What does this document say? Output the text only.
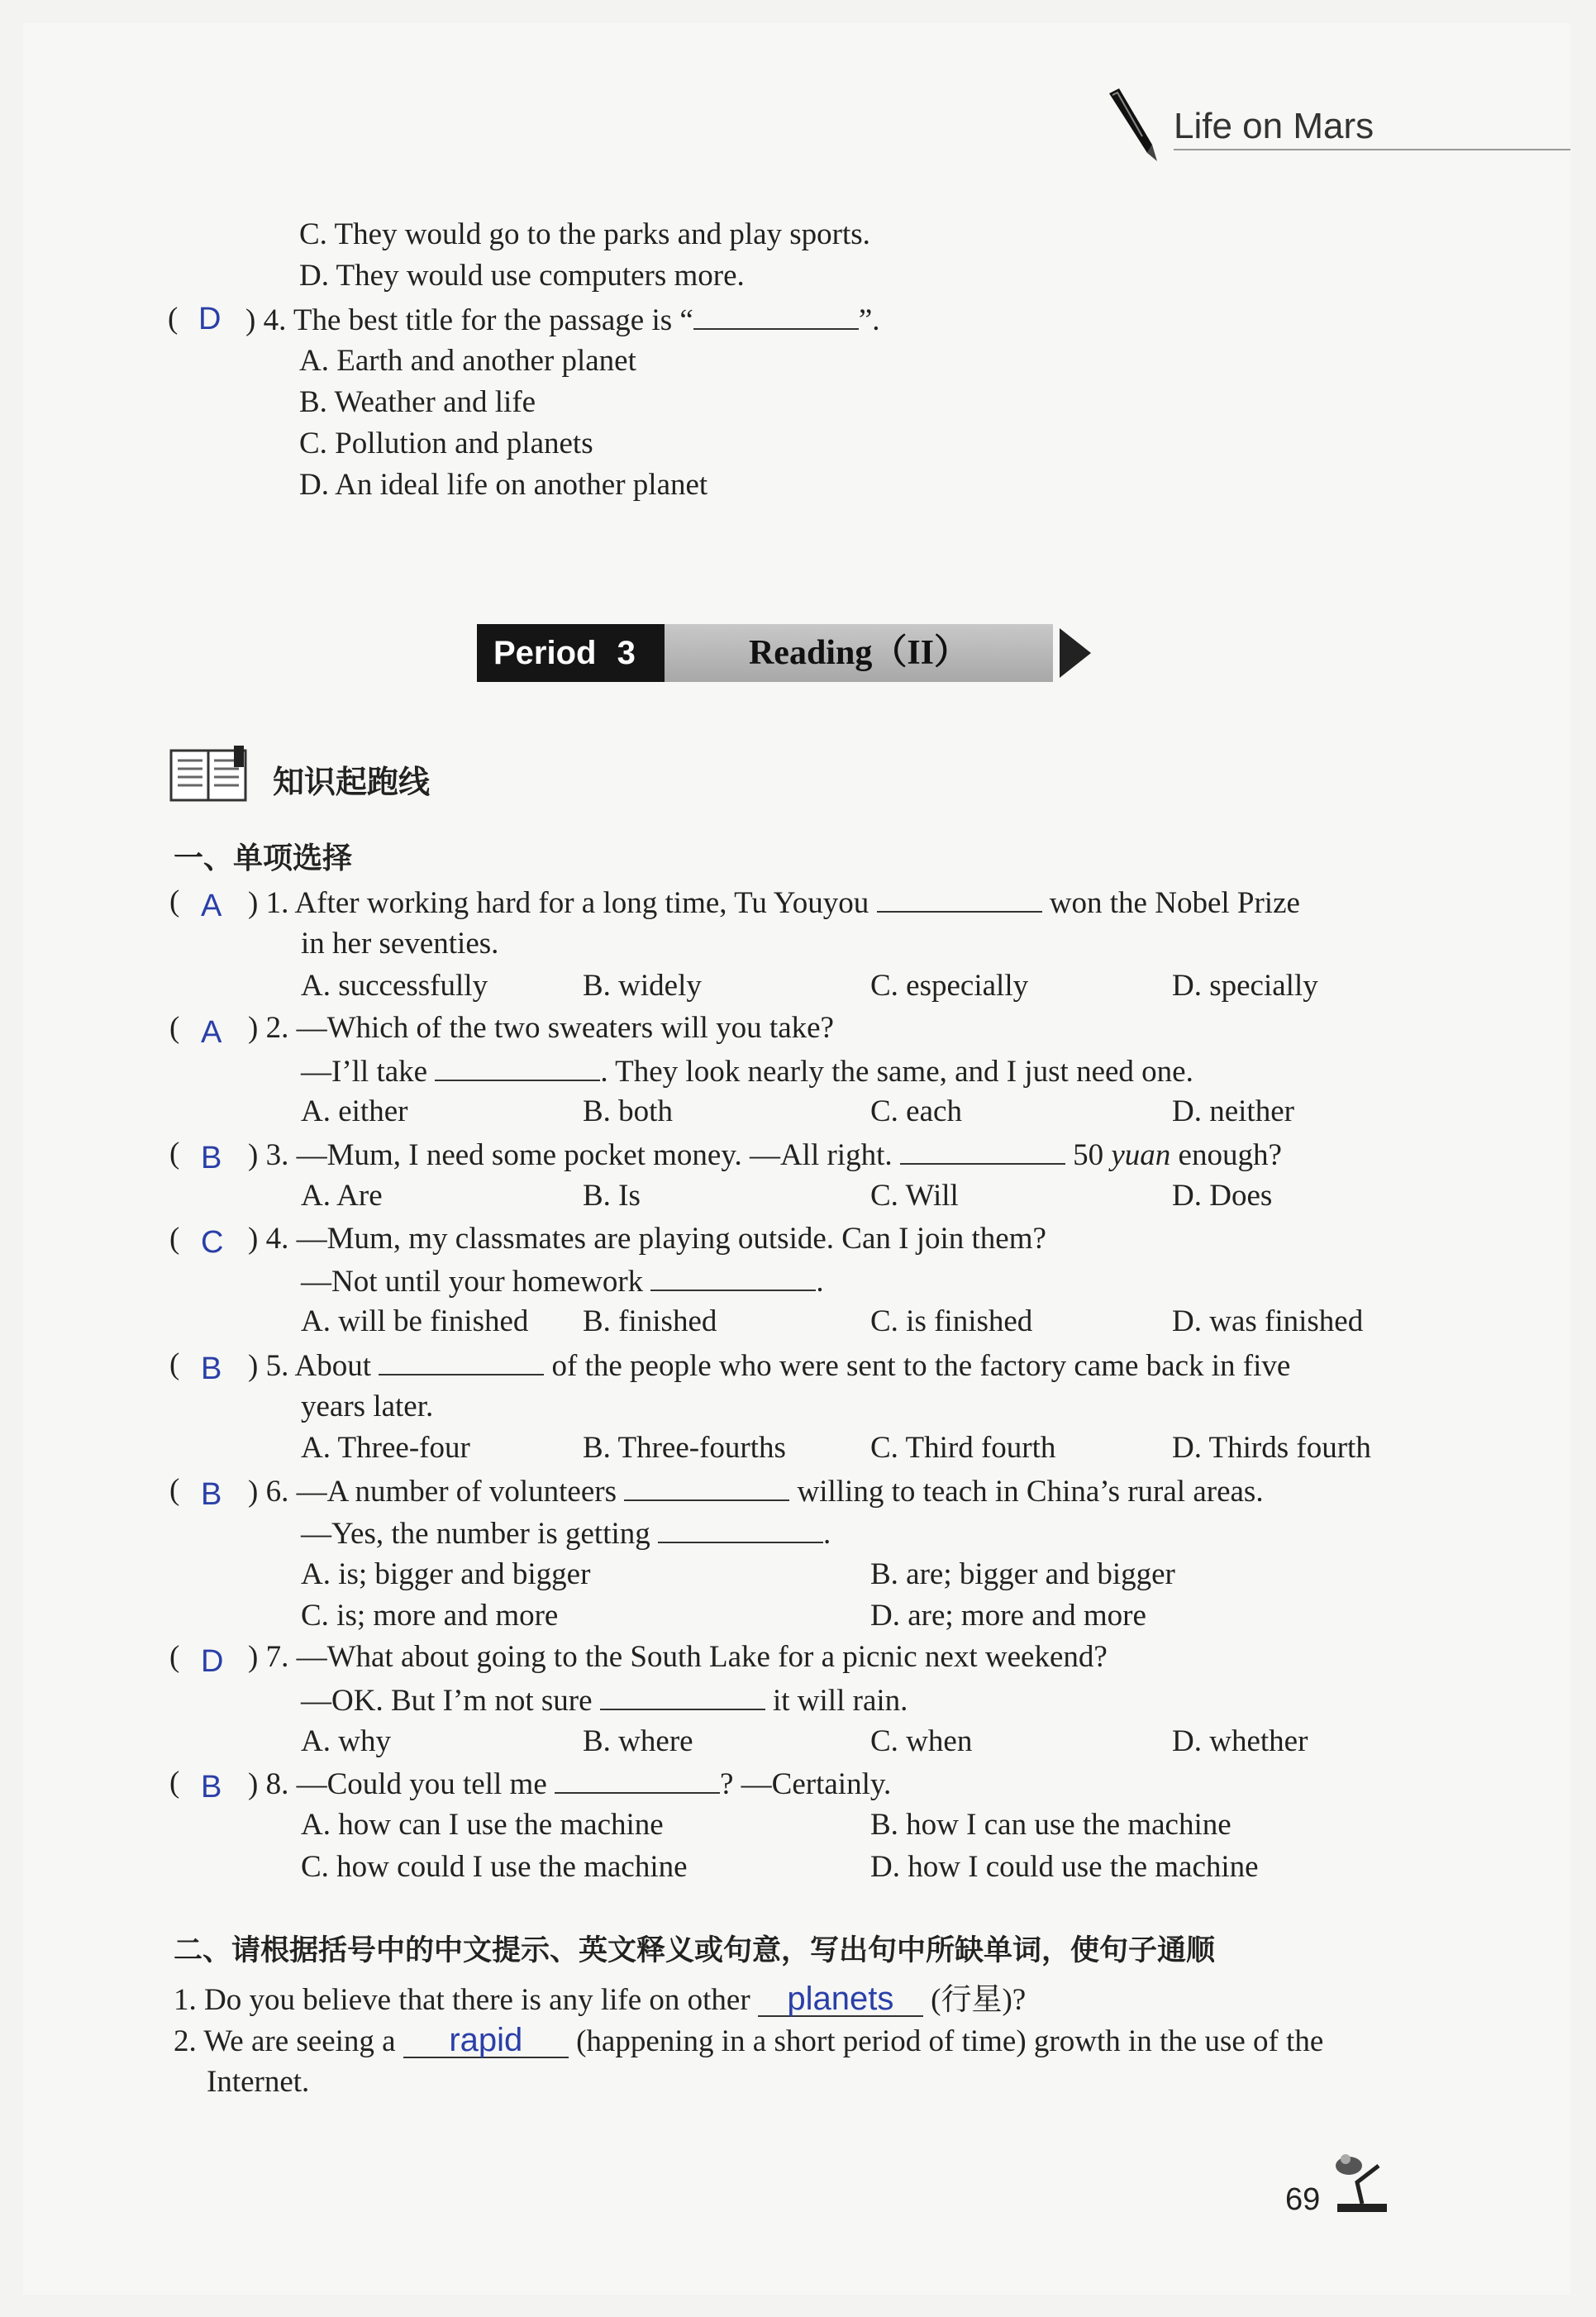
Life on Mars
C. They would go to the parks and play sports.
D. They would use computers more.
( D ) 4. The best title for the passage is “	”.
A. Earth and another planet
B. Weather and life
C. Pollution and planets
D. An ideal life on another planet
Period 3	Reading（II）
知识起跑线
一、单项选择
( A ) 1. After working hard for a long time, Tu Youyou	won the Nobel Prize
in her seventies.
A. successfully	B. widely	C. especially	D. specially
( A ) 2. —Which of the two sweaters will you take?
—I’ll take	. They look nearly the same, and I just need one.
A. either	B. both	C. each	D. neither
( B ) 3. —Mum, I need some pocket money. —All right.	50 yuan enough?
A. Are	B. Is	C. Will	D. Does
( C ) 4. —Mum, my classmates are playing outside. Can I join them?
—Not until your homework	.
A. will be finished B. finished	C. is finished	D. was finished
( B ) 5. About	of the people who were sent to the factory came back in five
years later.
A. Three-four	B. Three-fourths	C. Third fourth	D. Thirds fourth
( B ) 6. —A number of volunteers	willing to teach in China’s rural areas.
—Yes, the number is getting	.
A. is; bigger and bigger	B. are; bigger and bigger
C. is; more and more	D. are; more and more
( D ) 7. —What about going to the South Lake for a picnic next weekend?
—OK. But I’m not sure	it will rain.
A. why	B. where	C. when	D. whether
( B ) 8. —Could you tell me	? —Certainly.
A. how can I use the machine	B. how I can use the machine
C. how could I use the machine	D. how I could use the machine
二、请根据括号中的中文提示、英文释义或句意，写出句中所缺单词，使句子通顺
1. Do you believe that there is any life on other planets (行星)?
2. We are seeing a rapid (happening in a short period of time) growth in the use of the
Internet.
69
